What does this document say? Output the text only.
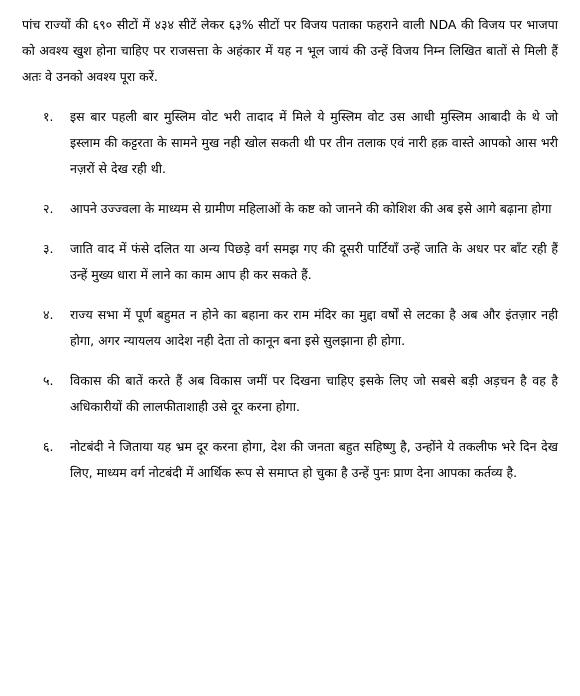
पांच राज्यों की ६९० सीटों में ४३४ सीटें लेकर ६३% सीटों पर विजय पताका फहराने वाली NDA की विजय पर भाजपा को अवश्य खुश होना चाहिए पर राजसत्ता के अहंकार में यह न भूल जायं की उन्हें विजय निम्न लिखित बातों से मिली हैं अतः वे उनको अवश्य पूरा करें.

१. इस बार पहली बार मुस्लिम वोट भरी तादाद में मिले ये मुस्लिम वोट उस आधी मुस्लिम आबादी के थे जो इस्लाम की कट्टरता के सामने मुख नही खोल सकती थी पर तीन तलाक एवं नारी हक़ वास्ते आपको आस भरी नज़रों से देख रही थी.
२. आपने उज्ज्वला के माध्यम से ग्रामीण महिलाओं के कष्ट को जानने की कोशिश की अब इसे आगे बढ़ाना होगा
३. जाति वाद में फंसे दलित या अन्य पिछड़े वर्ग समझ गए की दूसरी पार्टियाँ उन्हें जाति के अधर पर बाँट रही हैं उन्हें मुख्य धारा में लाने का काम आप ही कर सकते हैं.
४. राज्य सभा में पूर्ण बहुमत न होने का बहाना कर राम मंदिर का मुद्दा वर्षों से लटका है अब और इंतज़ार नही होगा, अगर न्यायलय आदेश नही देता तो कानून बना इसे सुलझाना ही होगा.
५. विकास की बातें करते हैं अब विकास जमीं पर दिखना चाहिए इसके लिए जो सबसे बड़ी अड़चन है वह है अधिकारीयों की लालफीताशाही उसे दूर करना होगा.
६. नोटबंदी ने जिताया यह भ्रम दूर करना होगा, देश की जनता बहुत सहिष्णु है, उन्होंने ये तकलीफ भरे दिन देख लिए, माध्यम वर्ग नोटबंदी में आर्थिक रूप से समाप्त हो चुका है उन्हें पुनः प्राण देना आपका कर्तव्य है.
